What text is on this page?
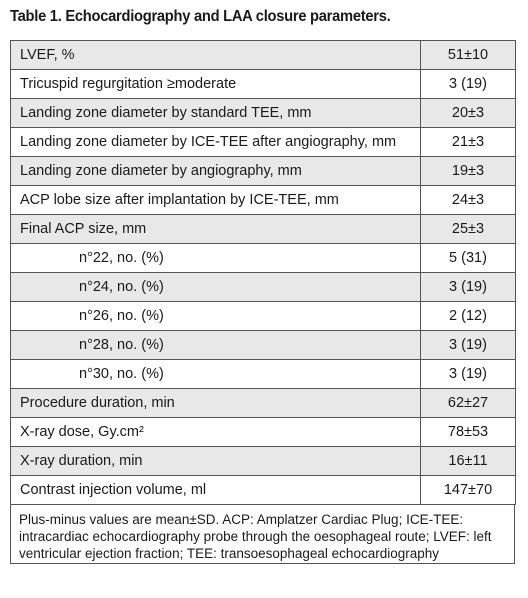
Table 1. Echocardiography and LAA closure parameters.
LVEF, %	51±10
Tricuspid regurgitation ≥moderate	3 (19)
Landing zone diameter by standard TEE, mm	20±3
Landing zone diameter by ICE-TEE after angiography, mm	21±3
Landing zone diameter by angiography, mm	19±3
ACP lobe size after implantation by ICE-TEE, mm	24±3
Final ACP size, mm	25±3
n°22, no. (%)	5 (31)
n°24, no. (%)	3 (19)
n°26, no. (%)	2 (12)
n°28, no. (%)	3 (19)
n°30, no. (%)	3 (19)
Procedure duration, min	62±27
X-ray dose, Gy.cm²	78±53
X-ray duration, min	16±11
Contrast injection volume, ml	147±70
Plus-minus values are mean±SD. ACP: Amplatzer Cardiac Plug; ICE-TEE: intracardiac echocardiography probe through the oesophageal route; LVEF: left ventricular ejection fraction; TEE: transoesophageal echocardiography
